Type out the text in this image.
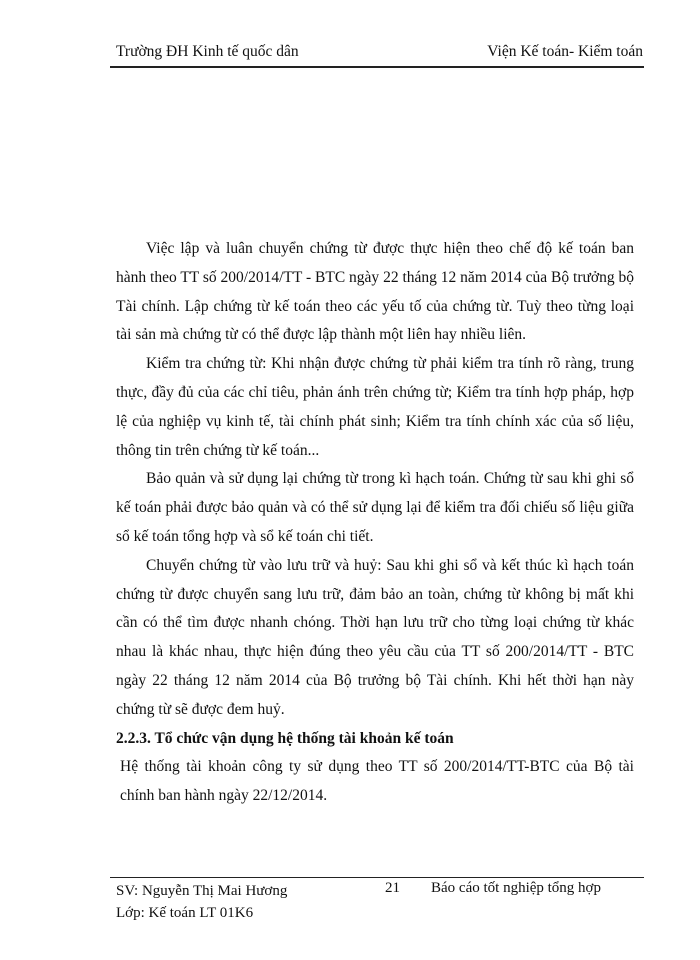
Trường ĐH Kinh tế quốc dân	Viện Kế toán- Kiểm toán

Việc lập và luân chuyển chứng từ được thực hiện theo chế độ kế toán ban hành theo TT số 200/2014/TT - BTC ngày 22 tháng 12 năm 2014 của Bộ trưởng bộ Tài chính. Lập chứng từ kế toán theo các yếu tố của chứng từ. Tuỳ theo từng loại tài sản mà chứng từ có thể được lập thành một liên hay nhiều liên.

Kiểm tra chứng từ: Khi nhận được chứng từ phải kiểm tra tính rõ ràng, trung thực, đầy đủ của các chỉ tiêu, phản ánh trên chứng từ; Kiểm tra tính hợp pháp, hợp lệ của nghiệp vụ kinh tế, tài chính phát sinh; Kiểm tra tính chính xác của số liệu, thông tin trên chứng từ kế toán...

Bảo quản và sử dụng lại chứng từ trong kì hạch toán. Chứng từ sau khi ghi sổ kế toán phải được bảo quản và có thể sử dụng lại để kiểm tra đối chiếu số liệu giữa sổ kế toán tổng hợp và sổ kế toán chi tiết.

Chuyển chứng từ vào lưu trữ và huỷ: Sau khi ghi sổ và kết thúc kì hạch toán chứng từ được chuyển sang lưu trữ, đảm bảo an toàn, chứng từ không bị mất khi cần có thể tìm được nhanh chóng. Thời hạn lưu trữ cho từng loại chứng từ khác nhau là khác nhau, thực hiện đúng theo yêu cầu của TT số 200/2014/TT - BTC ngày 22 tháng 12 năm 2014 của Bộ trưởng bộ Tài chính. Khi hết thời hạn này chứng từ sẽ được đem huỷ.

2.2.3. Tổ chức vận dụng hệ thống tài khoản kế toán

Hệ thống tài khoản công ty sử dụng theo TT số 200/2014/TT-BTC của Bộ tài chính ban hành ngày 22/12/2014.

SV: Nguyễn Thị Mai Hương
Lớp: Kế toán LT 01K6
21 Báo cáo tốt nghiệp tổng hợp
